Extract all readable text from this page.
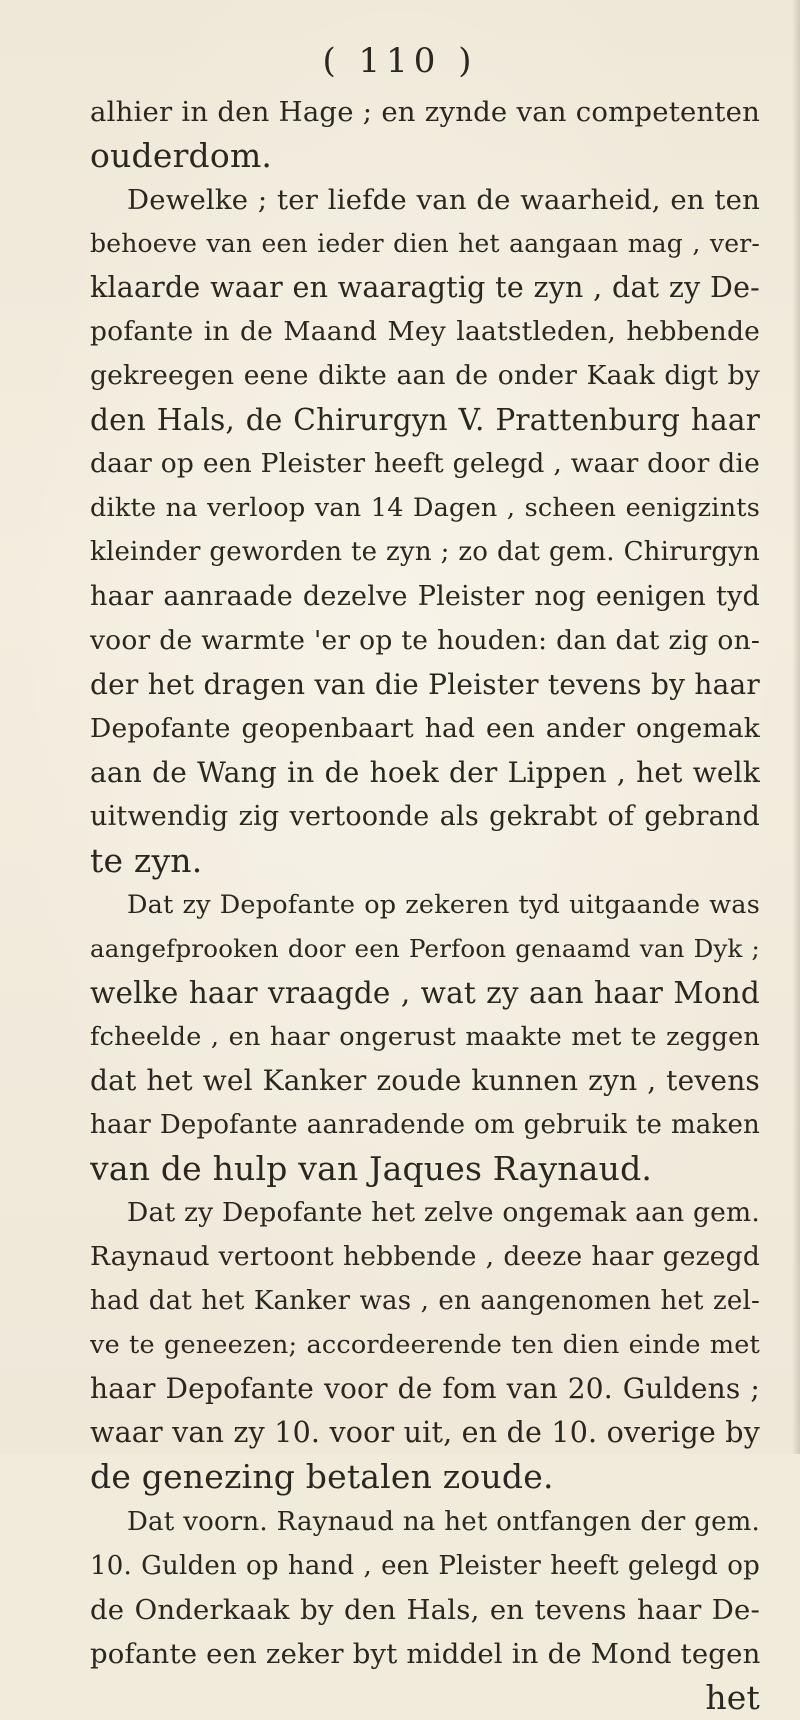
( 110 )
alhier in den Hage ; en zynde van competenten
ouderdom.
Dewelke ; ter liefde van de waarheid, en ten
behoeve van een ieder dien het aangaan mag , ver-
klaarde waar en waaragtig te zyn , dat zy De-
pofante in de Maand Mey laatstleden, hebbende
gekreegen eene dikte aan de onder Kaak digt by
den Hals, de Chirurgyn V. Prattenburg haar
daar op een Pleister heeft gelegd , waar door die
dikte na verloop van 14 Dagen , scheen eenigzints
kleinder geworden te zyn ; zo dat gem. Chirurgyn
haar aanraade dezelve Pleister nog eenigen tyd
voor de warmte 'er op te houden: dan dat zig on-
der het dragen van die Pleister tevens by haar
Depofante geopenbaart had een ander ongemak
aan de Wang in de hoek der Lippen , het welk
uitwendig zig vertoonde als gekrabt of gebrand
te zyn.
Dat zy Depofante op zekeren tyd uitgaande was
aangefprooken door een Perfoon genaamd van Dyk ;
welke haar vraagde , wat zy aan haar Mond
fcheelde , en haar ongerust maakte met te zeggen
dat het wel Kanker zoude kunnen zyn , tevens
haar Depofante aanradende om gebruik te maken
van de hulp van Jaques Raynaud.
Dat zy Depofante het zelve ongemak aan gem.
Raynaud vertoont hebbende , deeze haar gezegd
had dat het Kanker was , en aangenomen het zel-
ve te geneezen; accordeerende ten dien einde met
haar Depofante voor de fom van 20. Guldens ;
waar van zy 10. voor uit, en de 10. overige by
de genezing betalen zoude.
Dat voorn. Raynaud na het ontfangen der gem.
10. Gulden op hand , een Pleister heeft gelegd op
de Onderkaak by den Hals, en tevens haar De-
pofante een zeker byt middel in de Mond tegen
het
